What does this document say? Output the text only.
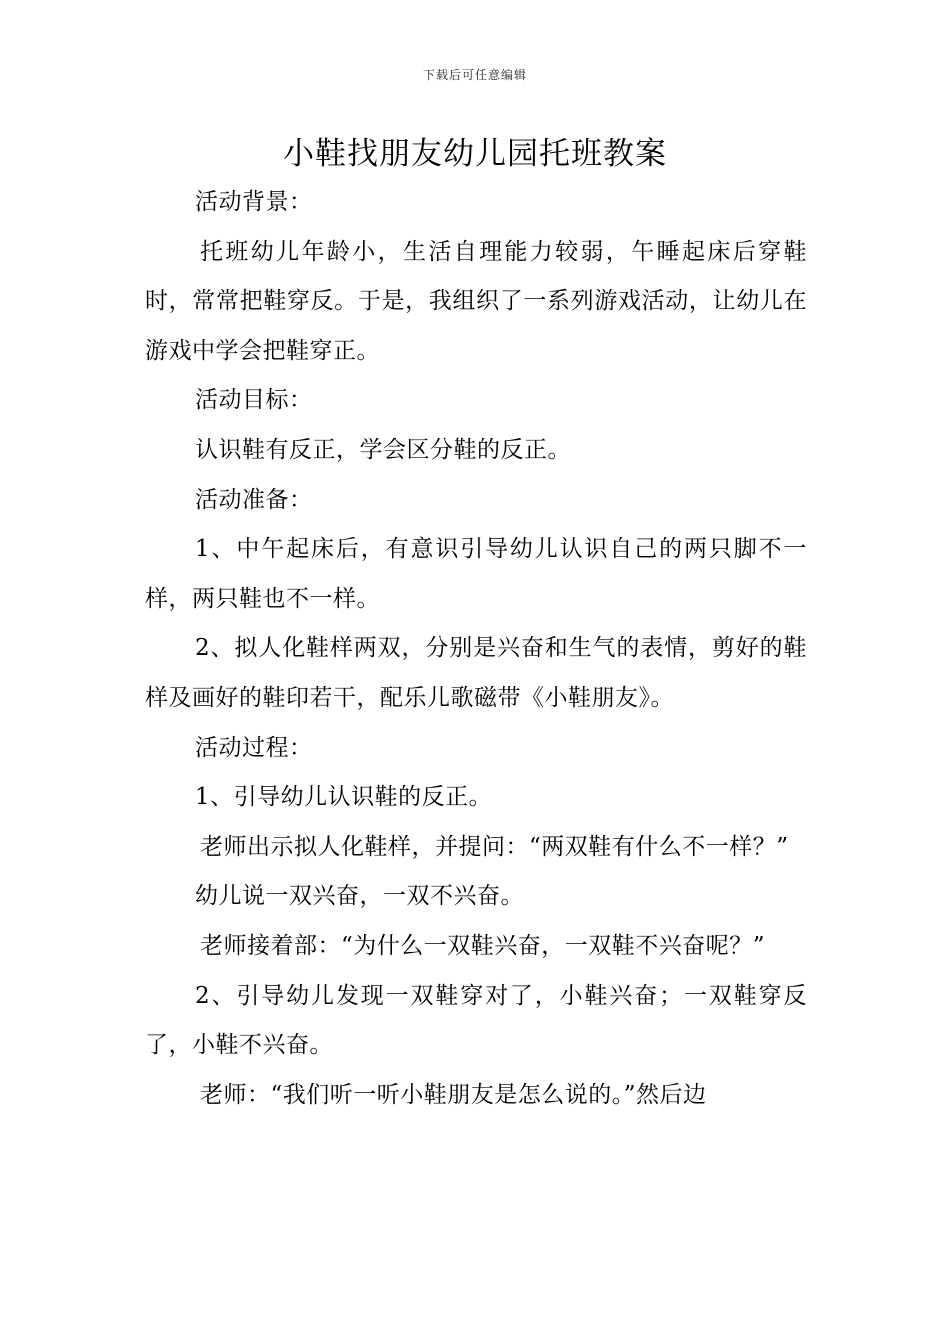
下载后可任意编辑
小鞋找朋友幼儿园托班教案

活动背景：

托班幼儿年龄小，生活自理能力较弱，午睡起床后穿鞋时，常常把鞋穿反。于是，我组织了一系列游戏活动，让幼儿在游戏中学会把鞋穿正。

活动目标：

认识鞋有反正，学会区分鞋的反正。

活动准备：

1、中午起床后，有意识引导幼儿认识自己的两只脚不一样，两只鞋也不一样。

2、拟人化鞋样两双，分别是兴奋和生气的表情，剪好的鞋样及画好的鞋印若干，配乐儿歌磁带《小鞋朋友》。

活动过程：

1、引导幼儿认识鞋的反正。

老师出示拟人化鞋样，并提问：“两双鞋有什么不一样？”

幼儿说一双兴奋，一双不兴奋。

老师接着部：“为什么一双鞋兴奋，一双鞋不兴奋呢？”

2、引导幼儿发现一双鞋穿对了，小鞋兴奋；一双鞋穿反了，小鞋不兴奋。

老师：“我们听一听小鞋朋友是怎么说的。”然后边
